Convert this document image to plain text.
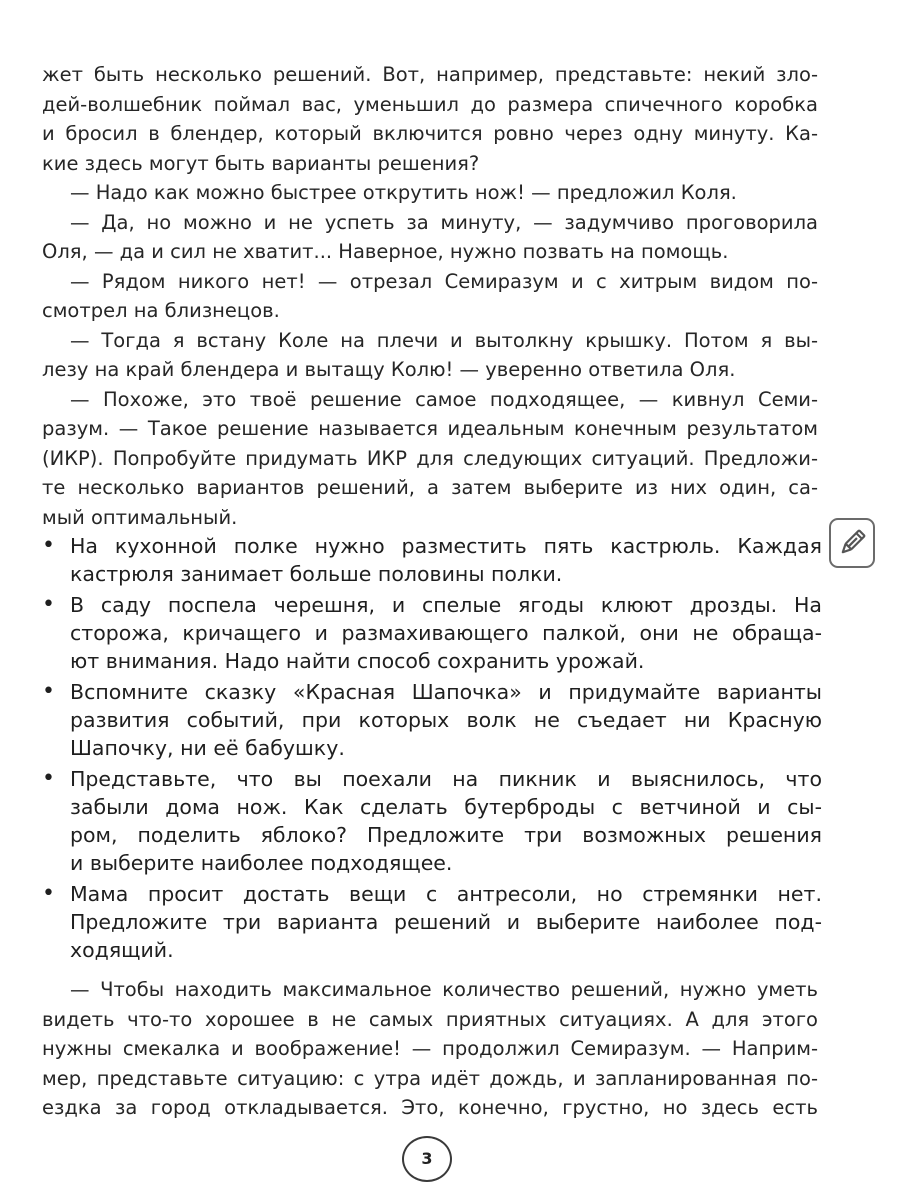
жет быть несколько решений. Вот, например, представьте: некий зло-
дей-волшебник поймал вас, уменьшил до размера спичечного коробка
и бросил в блендер, который включится ровно через одну минуту. Ка-
кие здесь могут быть варианты решения?
— Надо как можно быстрее открутить нож! — предложил Коля.
— Да, но можно и не успеть за минуту, — задумчиво проговорила
Оля, — да и сил не хватит... Наверное, нужно позвать на помощь.
— Рядом никого нет! — отрезал Семиразум и с хитрым видом по-
смотрел на близнецов.
— Тогда я встану Коле на плечи и вытолкну крышку. Потом я вы-
лезу на край блендера и вытащу Колю! — уверенно ответила Оля.
— Похоже, это твоё решение самое подходящее, — кивнул Семи-
разум. — Такое решение называется идеальным конечным результатом
(ИКР). Попробуйте придумать ИКР для следующих ситуаций. Предложи-
те несколько вариантов решений, а затем выберите из них один, са-
мый оптимальный.
• На кухонной полке нужно разместить пять кастрюль. Каждая
кастрюля занимает больше половины полки.
• В саду поспела черешня, и спелые ягоды клюют дрозды. На
сторожа, кричащего и размахивающего палкой, они не обраща-
ют внимания. Надо найти способ сохранить урожай.
• Вспомните сказку «Красная Шапочка» и придумайте варианты
развития событий, при которых волк не съедает ни Красную
Шапочку, ни её бабушку.
• Представьте, что вы поехали на пикник и выяснилось, что
забыли дома нож. Как сделать бутерброды с ветчиной и сы-
ром, поделить яблоко? Предложите три возможных решения
и выберите наиболее подходящее.
• Мама просит достать вещи с антресоли, но стремянки нет.
Предложите три варианта решений и выберите наиболее под-
ходящий.
— Чтобы находить максимальное количество решений, нужно уметь
видеть что-то хорошее в не самых приятных ситуациях. А для этого
нужны смекалка и воображение! — продолжил Семиразум. — Наприм-
мер, представьте ситуацию: с утра идёт дождь, и запланированная по-
ездка за город откладывается. Это, конечно, грустно, но здесь есть
3
